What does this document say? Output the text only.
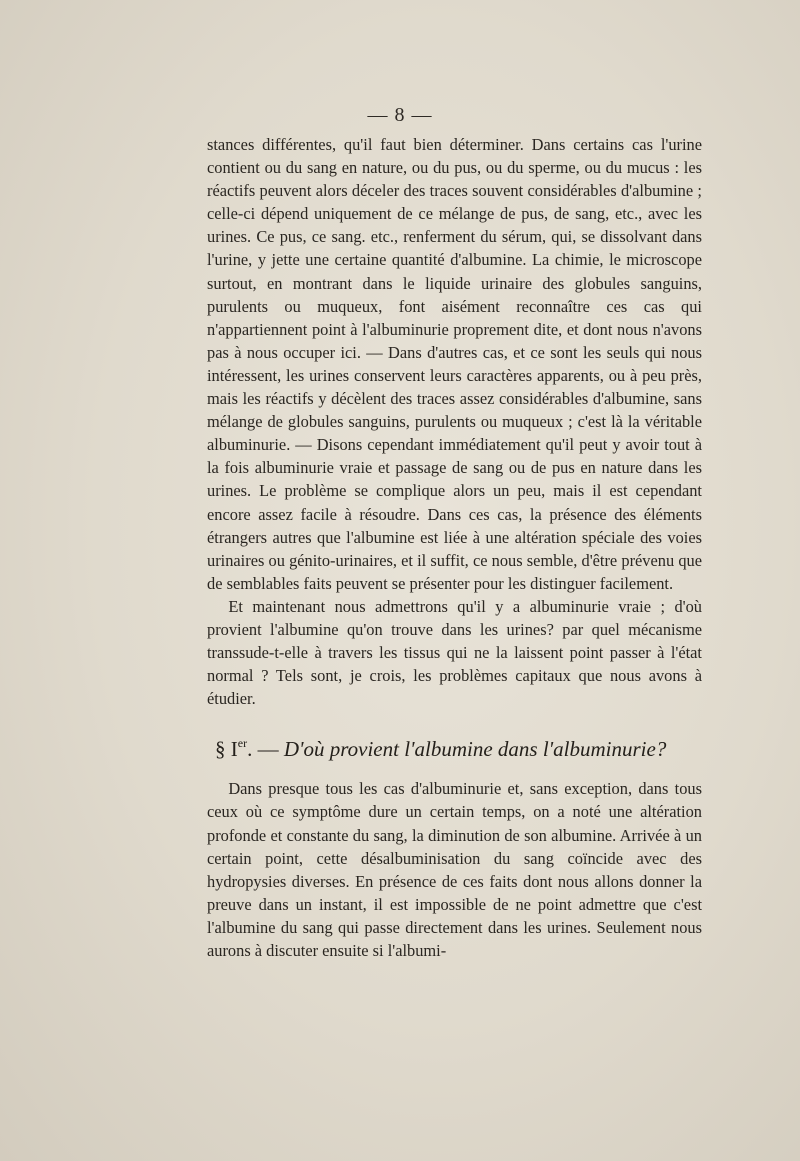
— 8 —

stances différentes, qu'il faut bien déterminer. Dans certains cas l'urine contient ou du sang en nature, ou du pus, ou du sperme, ou du mucus : les réactifs peuvent alors déceler des traces souvent considérables d'albumine ; celle-ci dépend uniquement de ce mélange de pus, de sang, etc., avec les urines. Ce pus, ce sang. etc., renferment du sérum, qui, se dissolvant dans l'urine, y jette une certaine quantité d'albumine. La chimie, le microscope surtout, en montrant dans le liquide urinaire des globules sanguins, purulents ou muqueux, font aisément reconnaître ces cas qui n'appartiennent point à l'albuminurie proprement dite, et dont nous n'avons pas à nous occuper ici. — Dans d'autres cas, et ce sont les seuls qui nous intéressent, les urines conservent leurs caractères apparents, ou à peu près, mais les réactifs y décèlent des traces assez considérables d'albumine, sans mélange de globules sanguins, purulents ou muqueux ; c'est là la véritable albuminurie. — Disons cependant immédiatement qu'il peut y avoir tout à la fois albuminurie vraie et passage de sang ou de pus en nature dans les urines. Le problème se complique alors un peu, mais il est cependant encore assez facile à résoudre. Dans ces cas, la présence des éléments étrangers autres que l'albumine est liée à une altération spéciale des voies urinaires ou génito-urinaires, et il suffit, ce nous semble, d'être prévenu que de semblables faits peuvent se présenter pour les distinguer facilement.

Et maintenant nous admettrons qu'il y a albuminurie vraie ; d'où provient l'albumine qu'on trouve dans les urines? par quel mécanisme transsude-t-elle à travers les tissus qui ne la laissent point passer à l'état normal ? Tels sont, je crois, les problèmes capitaux que nous avons à étudier.

§ Ier. — D'où provient l'albumine dans l'albuminurie?

Dans presque tous les cas d'albuminurie et, sans exception, dans tous ceux où ce symptôme dure un certain temps, on a noté une altération profonde et constante du sang, la diminution de son albumine. Arrivée à un certain point, cette désalbuminisation du sang coïncide avec des hydropysies diverses. En présence de ces faits dont nous allons donner la preuve dans un instant, il est impossible de ne point admettre que c'est l'albumine du sang qui passe directement dans les urines. Seulement nous aurons à discuter ensuite si l'albumi-
